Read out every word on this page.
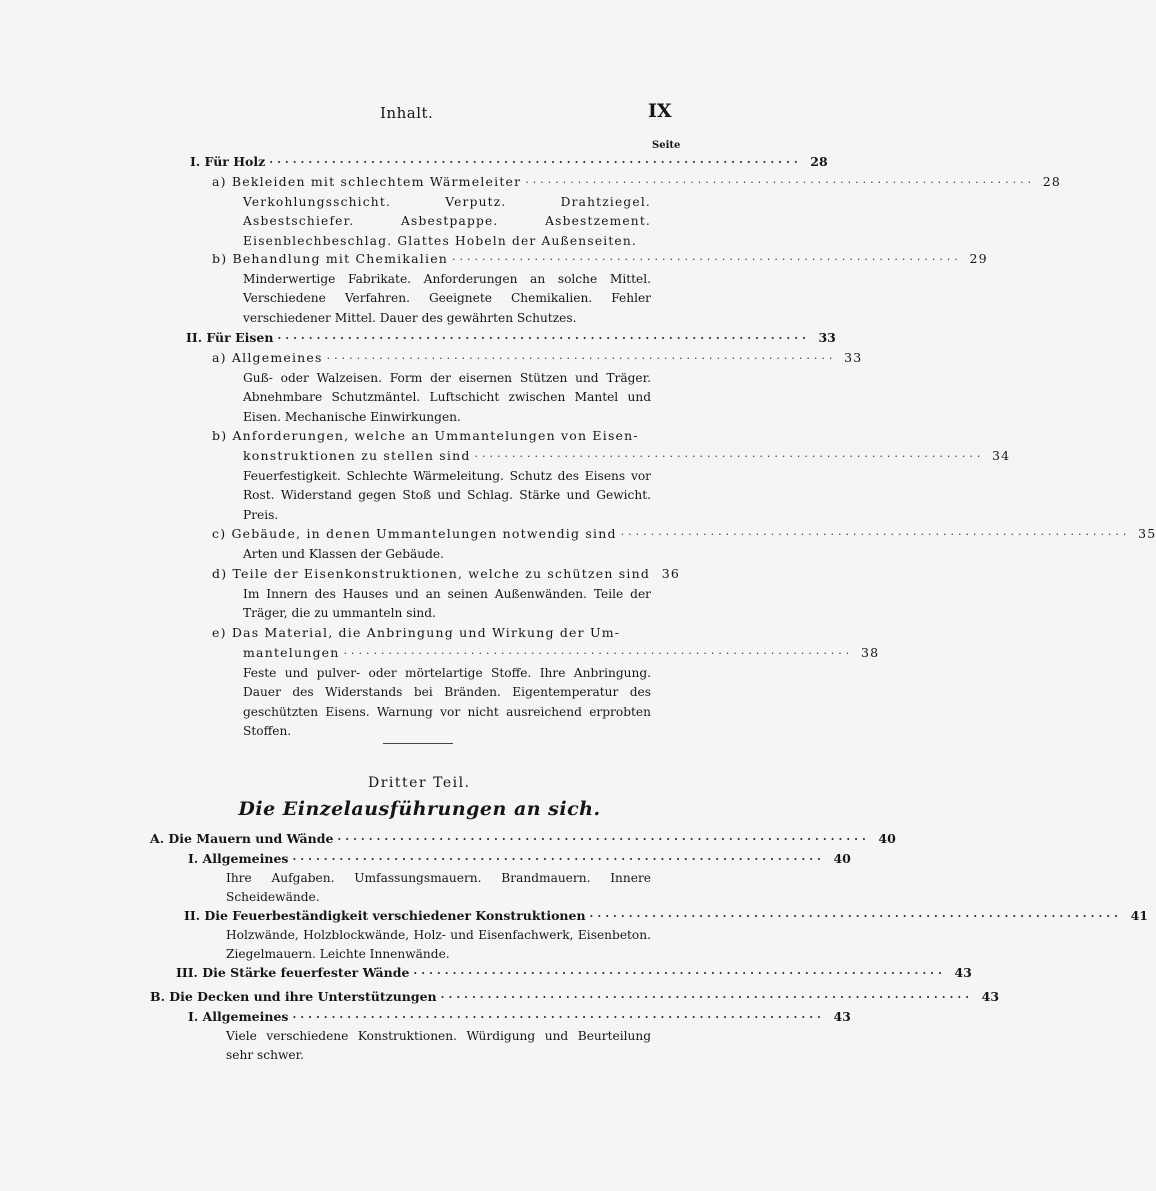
Inhalt.	IX
Seite
I. Für Holz ···································································· 28
a) Bekleiden mit schlechtem Wärmeleiter ···································································· 28
Verkohlungsschicht. Verputz. Drahtziegel. Asbestschiefer. Asbestpappe. Asbestzement. Eisenblechbeschlag. Glattes Hobeln der Außenseiten.
b) Behandlung mit Chemikalien ···································································· 29
Minderwertige Fabrikate. Anforderungen an solche Mittel. Verschiedene Verfahren. Geeignete Chemikalien. Fehler verschiedener Mittel. Dauer des gewährten Schutzes.
II. Für Eisen ···································································· 33
a) Allgemeines ···································································· 33
Guß- oder Walzeisen. Form der eisernen Stützen und Träger. Abnehmbare Schutzmäntel. Luftschicht zwischen Mantel und Eisen. Mechanische Einwirkungen.
b) Anforderungen, welche an Ummantelungen von Eisen-
konstruktionen zu stellen sind ···································································· 34
Feuerfestigkeit. Schlechte Wärmeleitung. Schutz des Eisens vor Rost. Widerstand gegen Stoß und Schlag. Stärke und Gewicht. Preis.
c) Gebäude, in denen Ummantelungen notwendig sind ···································································· 35
Arten und Klassen der Gebäude.
d) Teile der Eisenkonstruktionen, welche zu schützen sind 36
Im Innern des Hauses und an seinen Außenwänden. Teile der Träger, die zu ummanteln sind.
e) Das Material, die Anbringung und Wirkung der Um-
mantelungen ···································································· 38
Feste und pulver- oder mörtelartige Stoffe. Ihre Anbringung. Dauer des Widerstands bei Bränden. Eigentemperatur des geschützten Eisens. Warnung vor nicht ausreichend erprobten Stoffen.
Dritter Teil.
Die Einzelausführungen an sich.
A. Die Mauern und Wände ···································································· 40
I. Allgemeines ···································································· 40
Ihre Aufgaben. Umfassungsmauern. Brandmauern. Innere Scheidewände.
II. Die Feuerbeständigkeit verschiedener Konstruktionen ···································································· 41
Holzwände, Holzblockwände, Holz- und Eisenfachwerk, Eisenbeton. Ziegelmauern. Leichte Innenwände.
III. Die Stärke feuerfester Wände ···································································· 43
B. Die Decken und ihre Unterstützungen ···································································· 43
I. Allgemeines ···································································· 43
Viele verschiedene Konstruktionen. Würdigung und Beurteilung sehr schwer.
